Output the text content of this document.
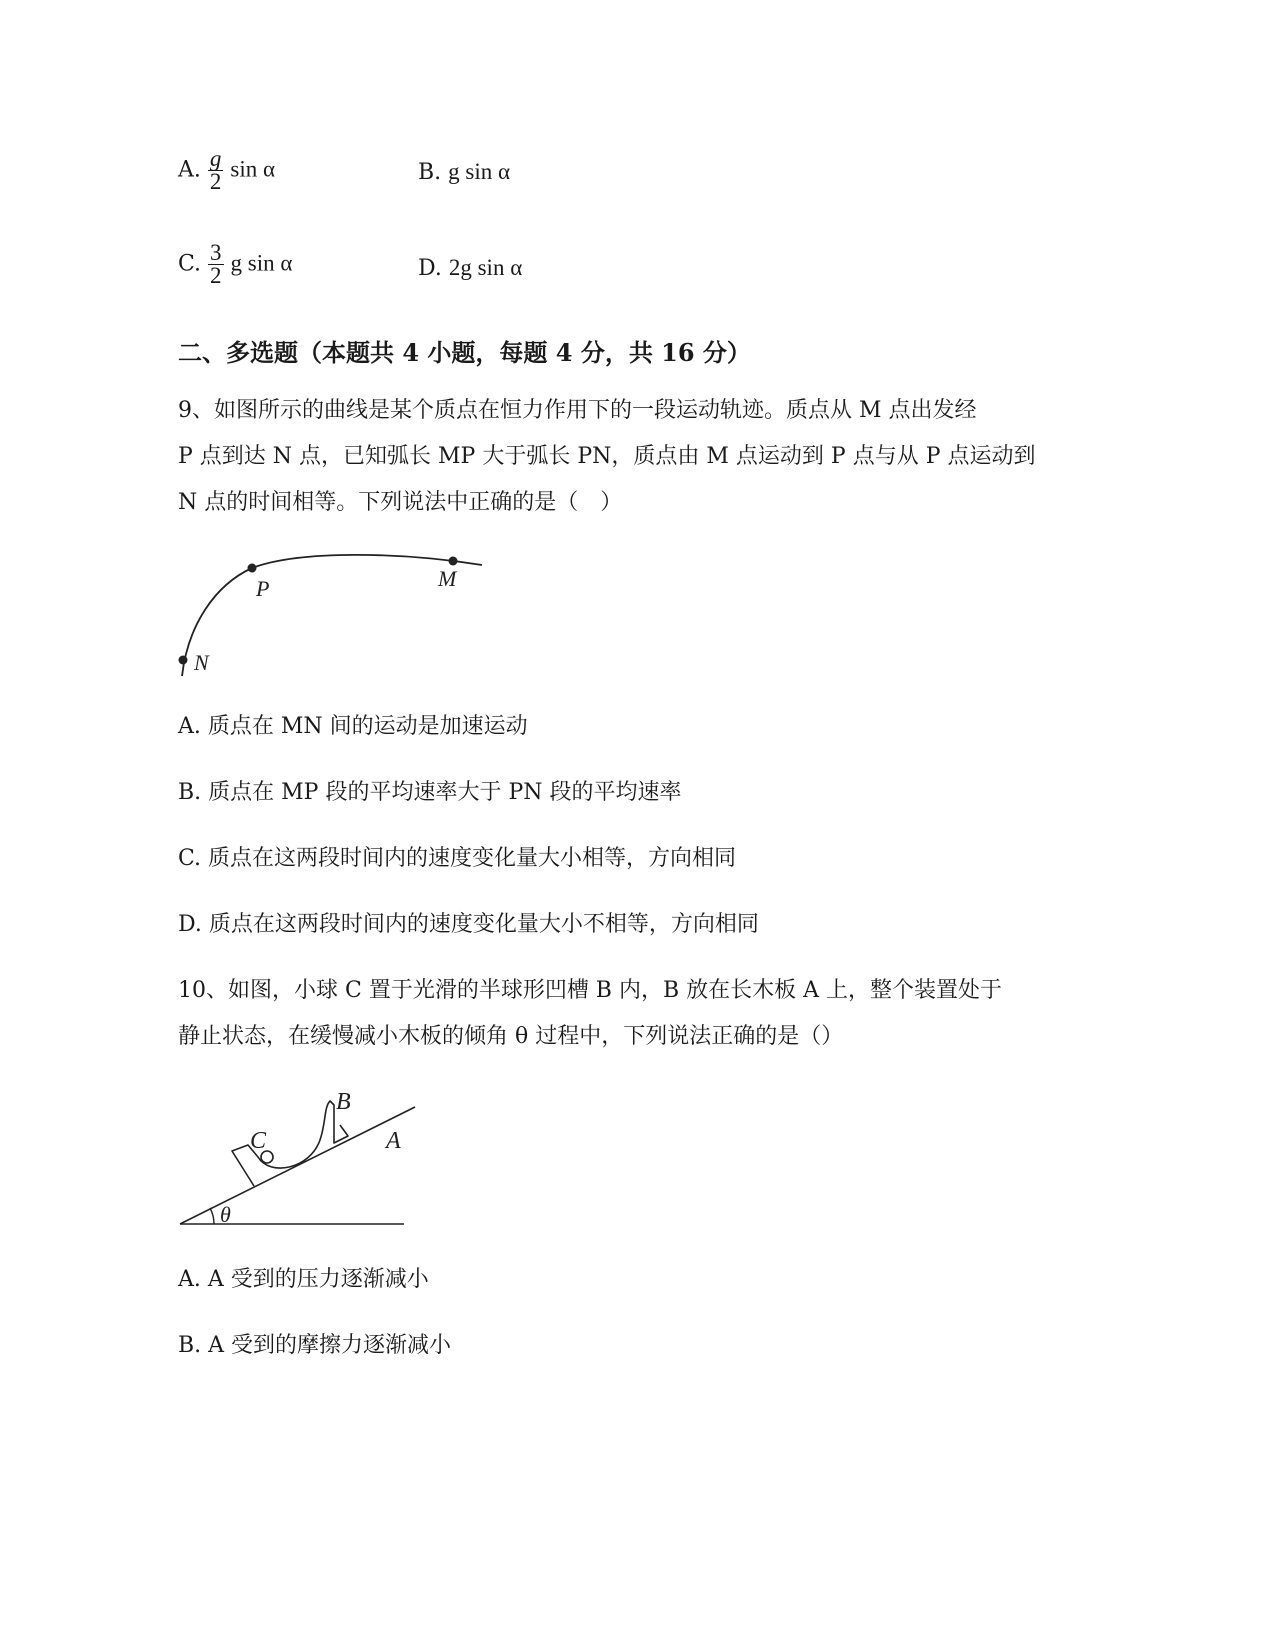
A. $\frac{g}{2}$ sin α	B. g sin α
C. $\frac{3}{2}$ g sin α	D. 2g sin α
二、多选题（本题共 4 小题，每题 4 分，共 16 分）
9、如图所示的曲线是某个质点在恒力作用下的一段运动轨迹。质点从 M 点出发经
P 点到达 N 点，已知弧长 MP 大于弧长 PN，质点由 M 点运动到 P 点与从 P 点运动到
N 点的时间相等。下列说法中正确的是（　）
P	M
N
A. 质点在 MN 间的运动是加速运动
B. 质点在 MP 段的平均速率大于 PN 段的平均速率
C. 质点在这两段时间内的速度变化量大小相等，方向相同
D. 质点在这两段时间内的速度变化量大小不相等，方向相同
10、如图，小球 C 置于光滑的半球形凹槽 B 内，B 放在长木板 A 上，整个装置处于
静止状态，在缓慢减小木板的倾角 θ 过程中，下列说法正确的是（）
C
B
A
θ
A. A 受到的压力逐渐减小
B. A 受到的摩擦力逐渐减小
